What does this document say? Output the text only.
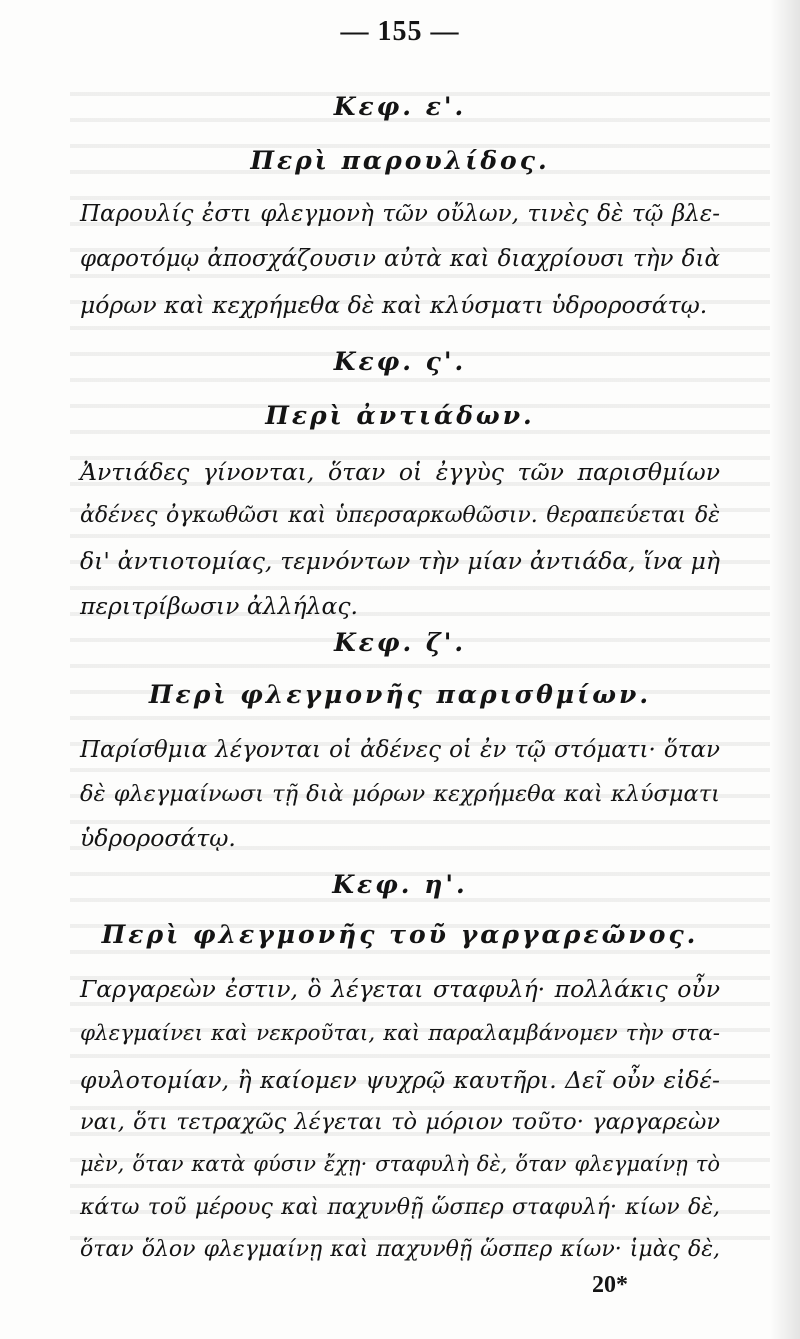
— 155 —
Κεφ. ε'.
Περὶ παρουλίδος.
Παρουλίς ἐστι φλεγμονὴ τῶν οὔλων, τινὲς δὲ τῷ βλε-
φαροτόμῳ ἀποσχάζουσιν αὐτὰ καὶ διαχρίουσι τὴν διὰ
μόρων καὶ κεχρήμεθα δὲ καὶ κλύσματι ὑδροροσάτῳ.
Κεφ. ς'.
Περὶ ἀντιάδων.
Ἀντιάδες γίνονται, ὅταν οἱ ἐγγὺς τῶν παρισθμίων
ἀδένες ὀγκωθῶσι καὶ ὑπερσαρκωθῶσιν. θεραπεύεται δὲ
δι' ἀντιοτομίας, τεμνόντων τὴν μίαν ἀντιάδα, ἵνα μὴ
περιτρίβωσιν ἀλλήλας.
Κεφ. ζ'.
Περὶ φλεγμονῆς παρισθμίων.
Παρίσθμια λέγονται οἱ ἀδένες οἱ ἐν τῷ στόματι· ὅταν
δὲ φλεγμαίνωσι τῇ διὰ μόρων κεχρήμεθα καὶ κλύσματι
ὑδροροσάτῳ.
Κεφ. η'.
Περὶ φλεγμονῆς τοῦ γαργαρεῶνος.
Γαργαρεὼν ἐστιν, ὃ λέγεται σταφυλή· πολλάκις οὖν
φλεγμαίνει καὶ νεκροῦται, καὶ παραλαμβάνομεν τὴν στα-
φυλοτομίαν, ἢ καίομεν ψυχρῷ καυτῆρι. Δεῖ οὖν εἰδέ-
ναι, ὅτι τετραχῶς λέγεται τὸ μόριον τοῦτο· γαργαρεὼν
μὲν, ὅταν κατὰ φύσιν ἔχῃ· σταφυλὴ δὲ, ὅταν φλεγμαίνῃ τὸ
κάτω τοῦ μέρους καὶ παχυνθῇ ὥσπερ σταφυλή· κίων δὲ,
ὅταν ὅλον φλεγμαίνῃ καὶ παχυνθῇ ὥσπερ κίων· ἱμὰς δὲ,
20*
